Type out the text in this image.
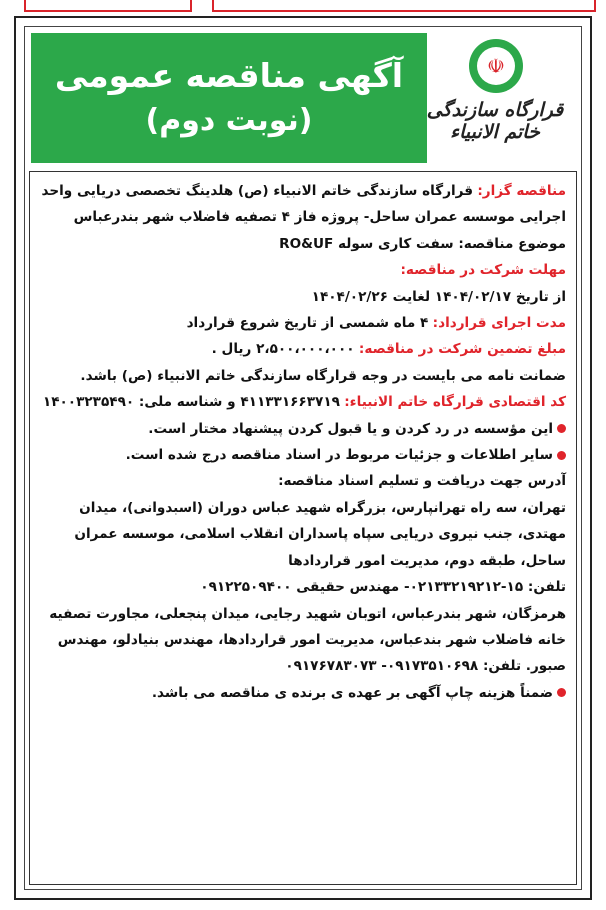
آگهی مناقصه عمومی
(نوبت دوم)
☫
قرارگاه سازندگی خاتم الانبیاء

مناقصه گزار: قرارگاه سازندگی خاتم الانبیاء (ص) هلدینگ تخصصی دریایی واحد اجرایی موسسه عمران ساحل- پروژه فاز ۴ تصفیه فاضلاب شهر بندرعباس

موضوع مناقصه: سفت کاری سوله RO&UF

مهلت شرکت در مناقصه:

از تاریخ ۱۴۰۴/۰۲/۱۷ لغایت ۱۴۰۴/۰۲/۲۶

مدت اجرای قرارداد: ۴ ماه شمسی از تاریخ شروع قرارداد

مبلغ تضمین شرکت در مناقصه: ۲،۵۰۰،۰۰۰،۰۰۰ ریال .

ضمانت نامه می بایست در وجه قرارگاه سازندگی خاتم الانبیاء (ص) باشد.

کد اقتصادی قرارگاه خاتم الانبیاء: ۴۱۱۳۳۱۶۶۳۷۱۹ و شناسه ملی: ۱۴۰۰۳۲۳۵۴۹۰

این مؤسسه در رد کردن و یا قبول کردن پیشنهاد مختار است.

سایر اطلاعات و جزئیات مربوط در اسناد مناقصه درج شده است.

آدرس جهت دریافت و تسلیم اسناد مناقصه:

تهران، سه راه تهرانپارس، بزرگراه شهید عباس دوران (اسبدوانی)، میدان مهتدی، جنب نیروی دریایی سپاه پاسداران انقلاب اسلامی، موسسه عمران ساحل، طبقه دوم، مدیریت امور قراردادها

تلفن: ۱۵-۰۲۱۳۳۲۱۹۲۱۲- مهندس حقیقی ۰۹۱۲۲۵۰۹۴۰۰

هرمزگان، شهر بندرعباس، اتوبان شهید رجایی، میدان پنجعلی، مجاورت تصفیه خانه فاضلاب شهر بندعباس، مدیریت امور قراردادها، مهندس بنیادلو، مهندس صبور. تلفن: ۰۹۱۷۳۵۱۰۶۹۸- ۰۹۱۷۶۷۸۳۰۷۳

ضمناً هزینه چاپ آگهی بر عهده ی برنده ی مناقصه می باشد.
